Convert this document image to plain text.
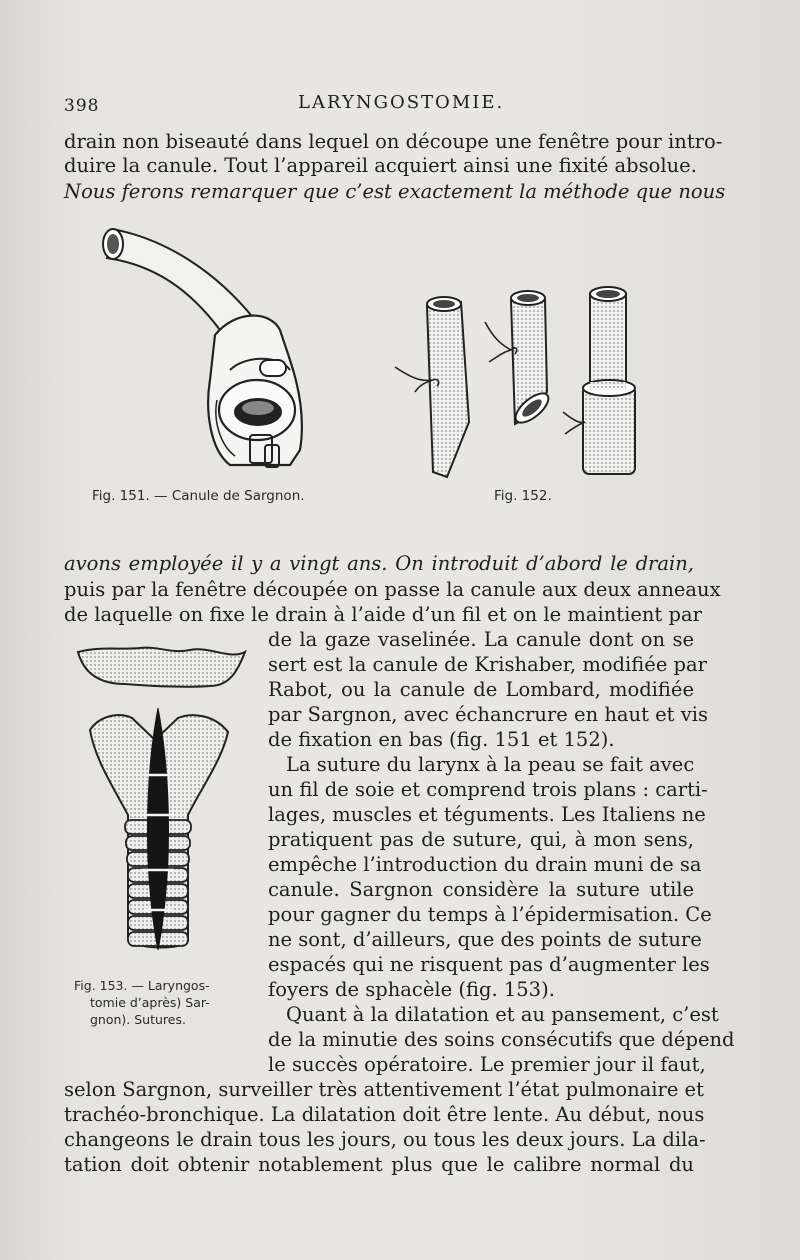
398	LARYNGOSTOMIE.
drain non biseauté dans lequel on découpe une fenêtre pour intro-
duire la canule. Tout l’appareil acquiert ainsi une fixité absolue.
Nous ferons remarquer que c’est exactement la méthode que nous
Fig. 151. — Canule de Sargnon.	Fig. 152.
avons employée il y a vingt ans. On introduit d’abord le drain,
puis par la fenêtre découpée on passe la canule aux deux anneaux
de laquelle on fixe le drain à l’aide d’un fil et on le maintient par
de la gaze vaselinée. La canule dont on se
sert est la canule de Krishaber, modifiée par
Rabot, ou la canule de Lombard, modifiée
par Sargnon, avec échancrure en haut et vis
de fixation en bas (fig. 151 et 152).
La suture du larynx à la peau se fait avec
un fil de soie et comprend trois plans : carti-
lages, muscles et téguments. Les Italiens ne
pratiquent pas de suture, qui, à mon sens,
empêche l’introduction du drain muni de sa
canule. Sargnon considère la suture utile
pour gagner du temps à l’épidermisation. Ce
ne sont, d’ailleurs, que des points de suture
espacés qui ne risquent pas d’augmenter les
foyers de sphacèle (fig. 153).
Quant à la dilatation et au pansement, c’est
de la minutie des soins consécutifs que dépend
le succès opératoire. Le premier jour il faut,
Fig. 153. — Laryngos-
tomie d’après) Sar-
gnon). Sutures.
selon Sargnon, surveiller très attentivement l’état pulmonaire et
trachéo-bronchique. La dilatation doit être lente. Au début, nous
changeons le drain tous les jours, ou tous les deux jours. La dila-
tation doit obtenir notablement plus que le calibre normal du
